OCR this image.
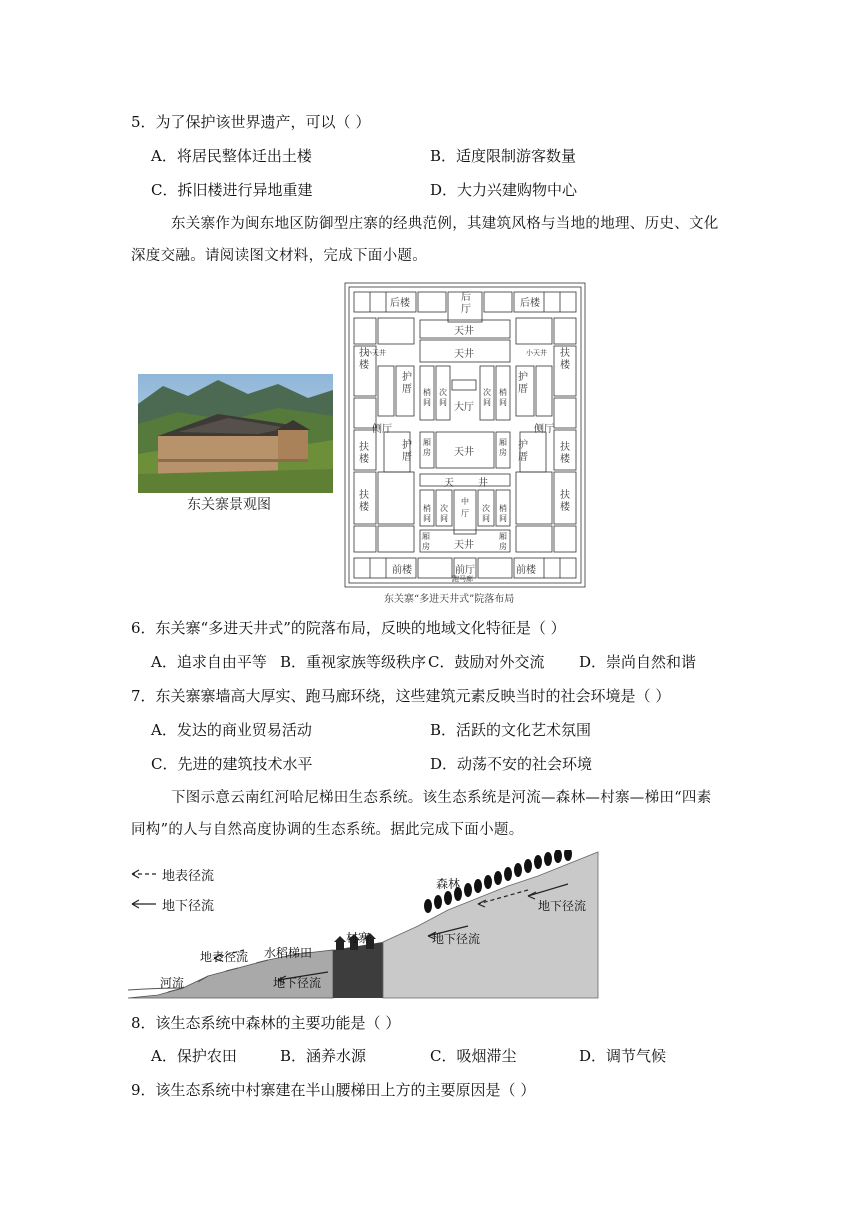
5．为了保护该世界遗产，可以（ ）
A．将居民整体迁出土楼	B．适度限制游客数量
C．拆旧楼进行异地重建	D．大力兴建购物中心
东关寨作为闽东地区防御型庄寨的经典范例，其建筑风格与当地的地理、历史、文化
深度交融。请阅读图文材料，完成下面小题。
东关寨景观图
后楼
后厅
后楼
天井
天井
小天井	小天井
扶楼
扶楼
护厝
护厝
梢间
次间 大厅
次间
梢间
侧厅	侧厅
扶楼
扶楼
护厝
护厝
厢房 天井
厢房
天 井
扶楼
扶楼
梢间
次间
中
厅
次间
梢间
厢房 天井
厢房
前楼	前厅
跑马廊
前楼
东关寨“多进天井式”院落布局
6．东关寨“多进天井式”的院落布局，反映的地域文化特征是（ ）
A．追求自由平等 B．重视家族等级秩序 C．鼓励对外交流 D．崇尚自然和谐
7．东关寨寨墙高大厚实、跑马廊环绕，这些建筑元素反映当时的社会环境是（ ）
A．发达的商业贸易活动	B．活跃的文化艺术氛围
C．先进的建筑技术水平	D．动荡不安的社会环境
下图示意云南红河哈尼梯田生态系统。该生态系统是河流—森林—村寨—梯田“四素
同构”的人与自然高度协调的生态系统。据此完成下面小题。
地表径流
地下径流
森林
地下径流
地下径流
村寨
水稻梯田
地表径流
地下径流
河流
8．该生态系统中森林的主要功能是（ ）
A．保护农田	B．涵养水源	C．吸烟滞尘	D．调节气候
9．该生态系统中村寨建在半山腰梯田上方的主要原因是（ ）
